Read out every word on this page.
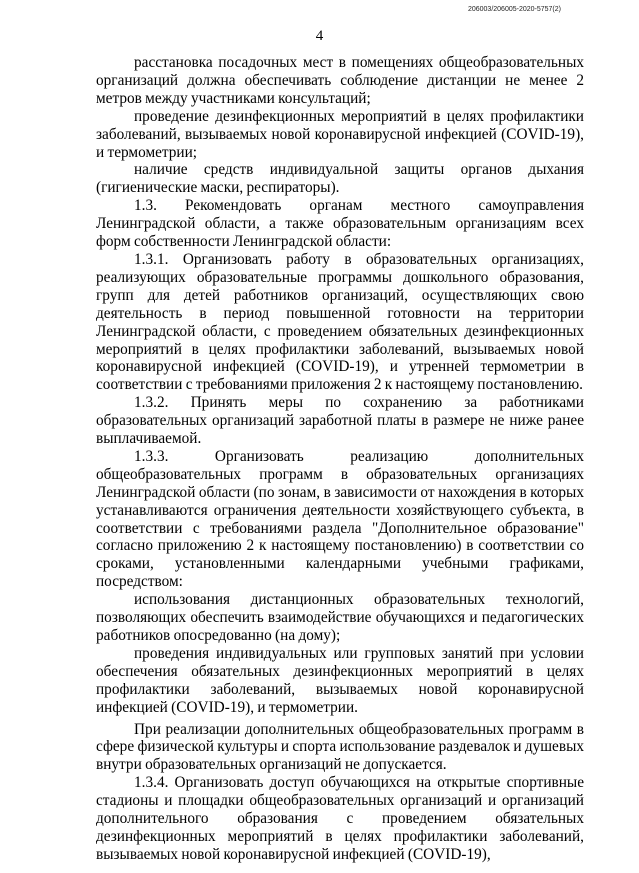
206003/206005-2020-5757(2)
4

расстановка посадочных мест в помещениях общеобразовательных организаций должна обеспечивать соблюдение дистанции не менее 2 метров между участниками консультаций;

проведение дезинфекционных мероприятий в целях профилактики заболеваний, вызываемых новой коронавирусной инфекцией (COVID-19), и термометрии;

наличие средств индивидуальной защиты органов дыхания (гигиенические маски, респираторы).

1.3. Рекомендовать органам местного самоуправления Ленинградской области, а также образовательным организациям всех форм собственности Ленинградской области:

1.3.1. Организовать работу в образовательных организациях, реализующих образовательные программы дошкольного образования, групп для детей работников организаций, осуществляющих свою деятельность в период повышенной готовности на территории Ленинградской области, с проведением обязательных дезинфекционных мероприятий в целях профилактики заболеваний, вызываемых новой коронавирусной инфекцией (COVID-19), и утренней термометрии в соответствии с требованиями приложения 2 к настоящему постановлению.

1.3.2. Принять меры по сохранению за работниками образовательных организаций заработной платы в размере не ниже ранее выплачиваемой.

1.3.3. Организовать реализацию дополнительных общеобразовательных программ в образовательных организациях Ленинградской области (по зонам, в зависимости от нахождения в которых устанавливаются ограничения деятельности хозяйствующего субъекта, в соответствии с требованиями раздела "Дополнительное образование" согласно приложению 2 к настоящему постановлению) в соответствии со сроками, установленными календарными учебными графиками, посредством:

использования дистанционных образовательных технологий, позволяющих обеспечить взаимодействие обучающихся и педагогических работников опосредованно (на дому);

проведения индивидуальных или групповых занятий при условии обеспечения обязательных дезинфекционных мероприятий в целях профилактики заболеваний, вызываемых новой коронавирусной инфекцией (COVID-19), и термометрии.

При реализации дополнительных общеобразовательных программ в сфере физической культуры и спорта использование раздевалок и душевых внутри образовательных организаций не допускается.

1.3.4. Организовать доступ обучающихся на открытые спортивные стадионы и площадки общеобразовательных организаций и организаций дополнительного образования с проведением обязательных дезинфекционных мероприятий в целях профилактики заболеваний, вызываемых новой коронавирусной инфекцией (COVID-19),
